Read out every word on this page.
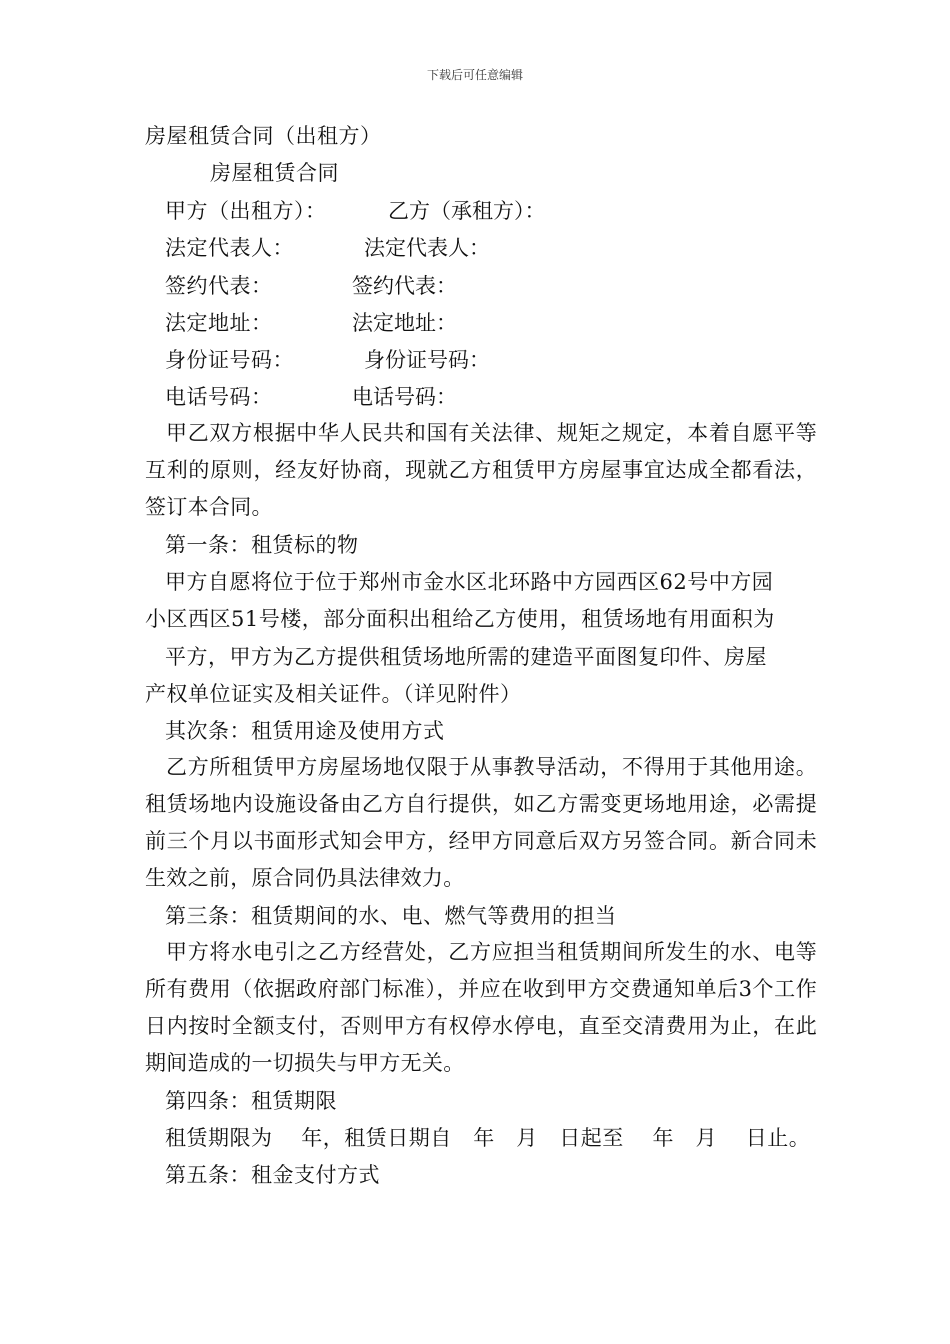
下载后可任意编辑
房屋租赁合同（出租方）
房屋租赁合同
甲方（出租方）：	乙方（承租方）：
法定代表人：	法定代表人：
签约代表：	签约代表：
法定地址：	法定地址：
身份证号码：	身份证号码：
电话号码：	电话号码：
甲乙双方根据中华人民共和国有关法律、规矩之规定，本着自愿平等互利的原则，经友好协商，现就乙方租赁甲方房屋事宜达成全都看法，签订本合同。
第一条：租赁标的物
甲方自愿将位于位于郑州市金水区北环路中方园西区62号中方园
小区西区51号楼，部分面积出租给乙方使用，租赁场地有用面积为
平方，甲方为乙方提供租赁场地所需的建造平面图复印件、房屋
产权单位证实及相关证件。（详见附件）
其次条：租赁用途及使用方式
乙方所租赁甲方房屋场地仅限于从事教导活动，不得用于其他用途。租赁场地内设施设备由乙方自行提供，如乙方需变更场地用途，必需提前三个月以书面形式知会甲方，经甲方同意后双方另签合同。新合同未生效之前，原合同仍具法律效力。
第三条：租赁期间的水、电、燃气等费用的担当
甲方将水电引之乙方经营处，乙方应担当租赁期间所发生的水、电等所有费用（依据政府部门标准），并应在收到甲方交费通知单后3个工作日内按时全额支付，否则甲方有权停水停电，直至交清费用为止，在此期间造成的一切损失与甲方无关。
第四条：租赁期限
租赁期限为    年，租赁日期自   年   月   日起至    年   月    日止。
第五条：租金支付方式
